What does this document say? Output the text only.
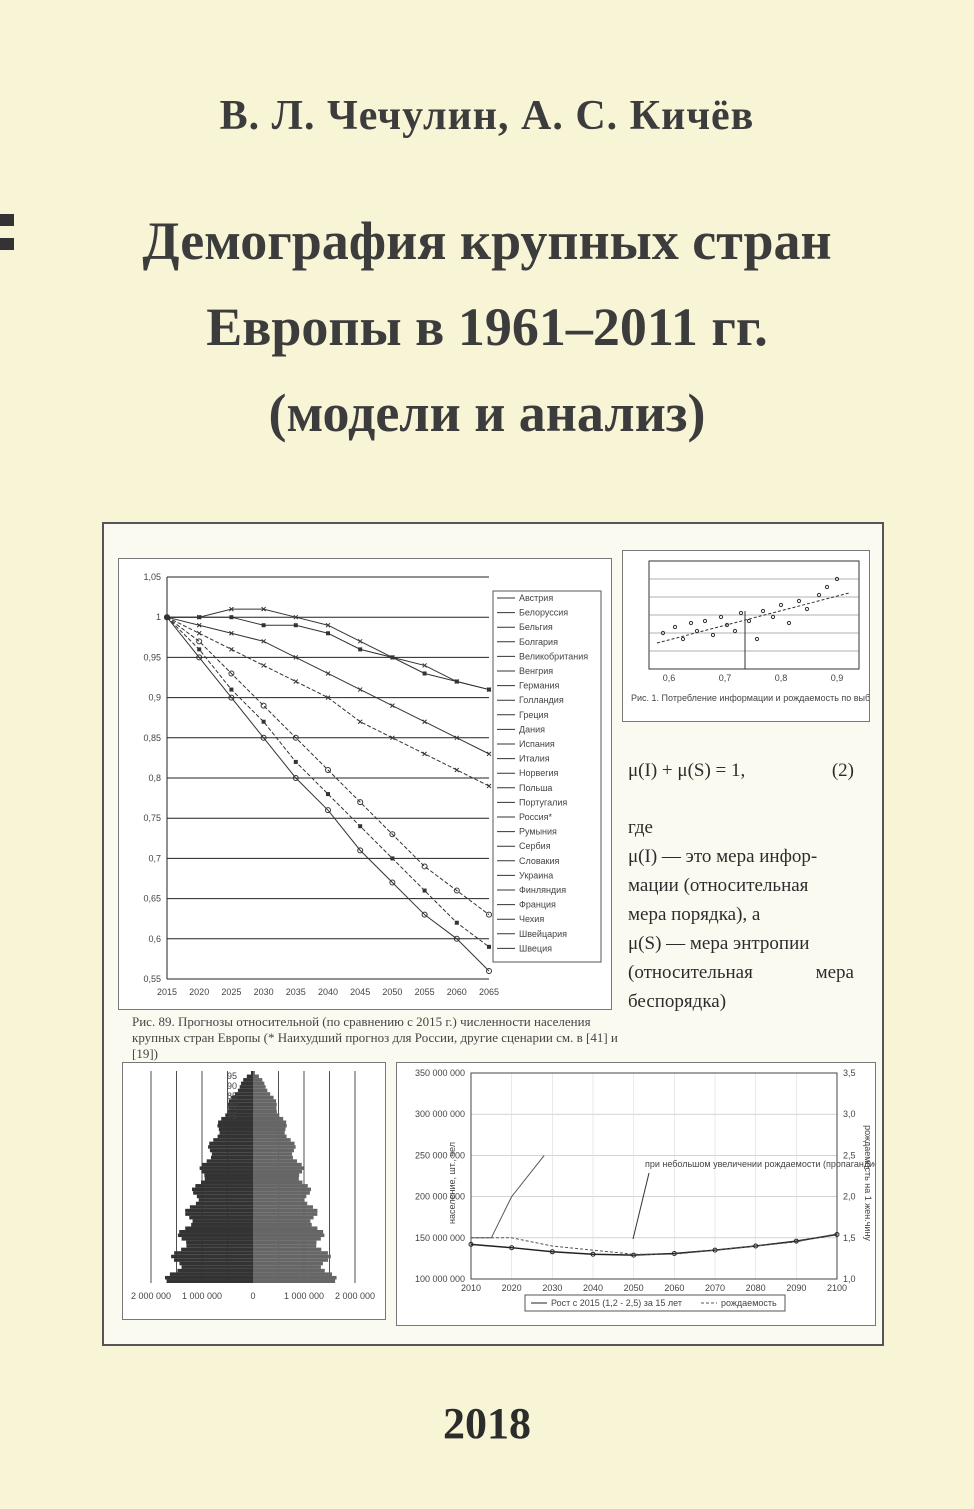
В. Л. Чечулин, А. С. Кичёв
Демография крупных стран
Европы в 1961–2011 гг.
(модели и анализ)
1,05
1
0,95
0,9
0,85
0,8
0,75
0,7
0,65
0,6
0,55
2015 2020 2025 2030 2035 2040 2045 2050 2055 2060 2065
Австрия
Белоруссия
Бельгия
Болгария
Великобритания
Венгрия
Германия
Голландия
Греция
Дания
Испания
Италия
Норвегия
Польша
Португалия
Россия*
Румыния
Сербия
Словакия
Украина
Финляндия
Франция
Чехия
Швейцария
Швеция
Рис. 89. Прогнозы относительной (по сравнению с 2015 г.) численности населения
крупных стран Европы (* Наихудший прогноз для России, другие сценарии см. в [41] и [19])
0,6	0,7	0,8	0,9
Рис. 1. Потребление информации и рождаемость по выборке
μ(I) + μ(S) = 1,	(2)
где
μ(I) — это мера инфор-
мации (относительная
мера порядка), а
μ(S) — мера энтропии
(относительная мера
беспорядка)
95
90
85
80
75
2 000 000 1 000 000	0	1 000 000 2 000 000
350 000 000	3,5
300 000 000	3,0
250 000 000	2,5
200 000 000	2,0
150 000 000	1,5
100 000 000	1,0
2010 2020 2030 2040 2050 2060 2070 2080 2090 2100
при небольшом увеличении рождаемости (пропагандистски)
население, шт., чел	рождаемость на 1 жен.чину
Рост с 2015 (1,2 - 2,5) за 15 лет	рождаемость
2018
